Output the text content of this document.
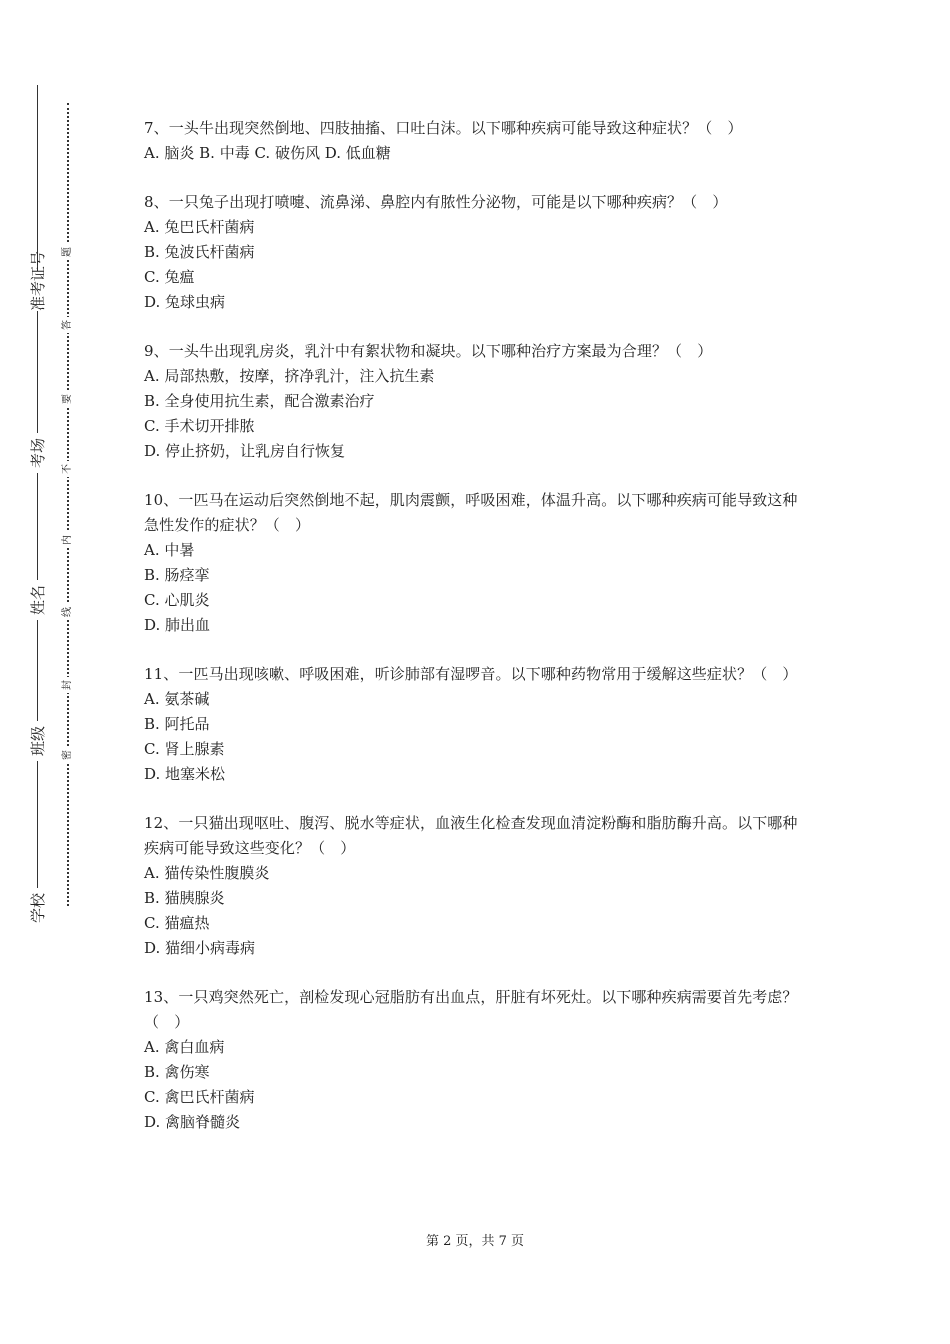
准考证号
考场
姓名
班级
学校
题
答
要
不
内
线
封
密
7、一头牛出现突然倒地、四肢抽搐、口吐白沫。以下哪种疾病可能导致这种症状？（　）
A. 脑炎 B. 中毒 C. 破伤风 D. 低血糖
8、一只兔子出现打喷嚏、流鼻涕、鼻腔内有脓性分泌物，可能是以下哪种疾病？（　）
A. 兔巴氏杆菌病
B. 兔波氏杆菌病
C. 兔瘟
D. 兔球虫病
9、一头牛出现乳房炎，乳汁中有絮状物和凝块。以下哪种治疗方案最为合理？（　）
A. 局部热敷，按摩，挤净乳汁，注入抗生素
B. 全身使用抗生素，配合激素治疗
C. 手术切开排脓
D. 停止挤奶，让乳房自行恢复
10、一匹马在运动后突然倒地不起，肌肉震颤，呼吸困难，体温升高。以下哪种疾病可能导致这种急性发作的症状？（　）
A. 中暑
B. 肠痉挛
C. 心肌炎
D. 肺出血
11、一匹马出现咳嗽、呼吸困难，听诊肺部有湿啰音。以下哪种药物常用于缓解这些症状？（　）
A. 氨茶碱
B. 阿托品
C. 肾上腺素
D. 地塞米松
12、一只猫出现呕吐、腹泻、脱水等症状，血液生化检查发现血清淀粉酶和脂肪酶升高。以下哪种疾病可能导致这些变化？（　）
A. 猫传染性腹膜炎
B. 猫胰腺炎
C. 猫瘟热
D. 猫细小病毒病
13、一只鸡突然死亡，剖检发现心冠脂肪有出血点，肝脏有坏死灶。以下哪种疾病需要首先考虑？（　）
A. 禽白血病
B. 禽伤寒
C. 禽巴氏杆菌病
D. 禽脑脊髓炎
第 2 页，共 7 页
